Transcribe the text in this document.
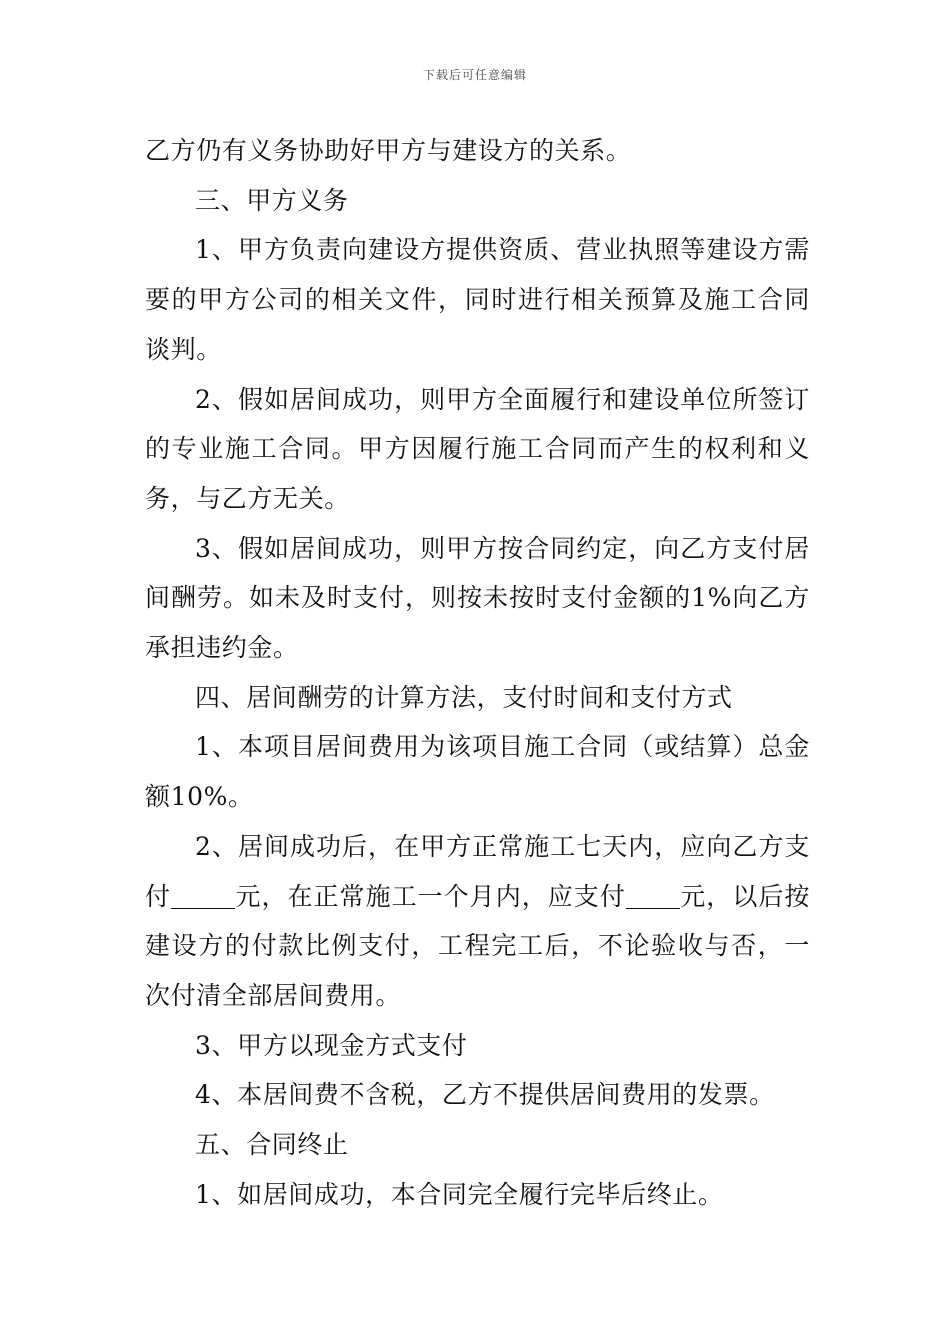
下载后可任意编辑

乙方仍有义务协助好甲方与建设方的关系。

三、甲方义务

1、甲方负责向建设方提供资质、营业执照等建设方需要的甲方公司的相关文件，同时进行相关预算及施工合同谈判。

2、假如居间成功，则甲方全面履行和建设单位所签订的专业施工合同。甲方因履行施工合同而产生的权利和义务，与乙方无关。

3、假如居间成功，则甲方按合同约定，向乙方支付居间酬劳。如未及时支付，则按未按时支付金额的1%向乙方承担违约金。

四、居间酬劳的计算方法，支付时间和支付方式

1、本项目居间费用为该项目施工合同（或结算）总金额10%。

2、居间成功后，在甲方正常施工七天内，应向乙方支付	元，在正常施工一个月内，应支付 元，以后按建设方的付款比例支付，工程完工后，不论验收与否，一次付清全部居间费用。

3、甲方以现金方式支付

4、本居间费不含税，乙方不提供居间费用的发票。

五、合同终止

1、如居间成功，本合同完全履行完毕后终止。
